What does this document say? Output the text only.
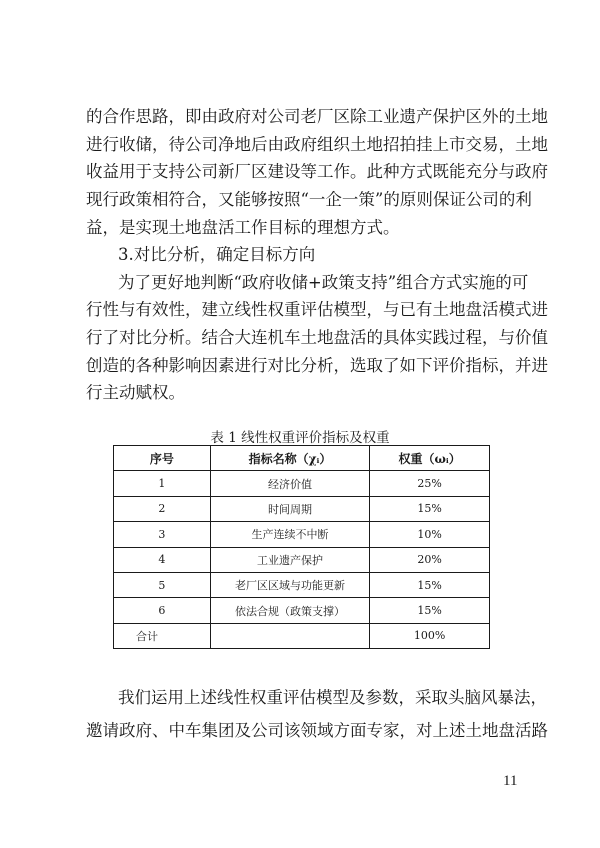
表 1 线性权重评价指标及权重
序号	指标名称（χᵢ）	权重（ωᵢ）
1	经济价值	25%
2	时间周期	15%
3	生产连续不中断	10%
4	工业遗产保护	20%
5	老厂区区域与功能更新	15%
6	依法合规（政策支撑）	15%
合计		100%
我们运用上述线性权重评估模型及参数，采取头脑风暴法，
邀请政府、中车集团及公司该领域方面专家，对上述土地盘活路
11
的合作思路，即由政府对公司老厂区除工业遗产保护区外的土地
进行收储，待公司净地后由政府组织土地招拍挂上市交易，土地
收益用于支持公司新厂区建设等工作。此种方式既能充分与政府
现行政策相符合，又能够按照“一企一策”的原则保证公司的利
益，是实现土地盘活工作目标的理想方式。
3.对比分析，确定目标方向
为了更好地判断“政府收储+政策支持”组合方式实施的可
行性与有效性，建立线性权重评估模型，与已有土地盘活模式进
行了对比分析。结合大连机车土地盘活的具体实践过程，与价值
创造的各种影响因素进行对比分析，选取了如下评价指标，并进
行主动赋权。
